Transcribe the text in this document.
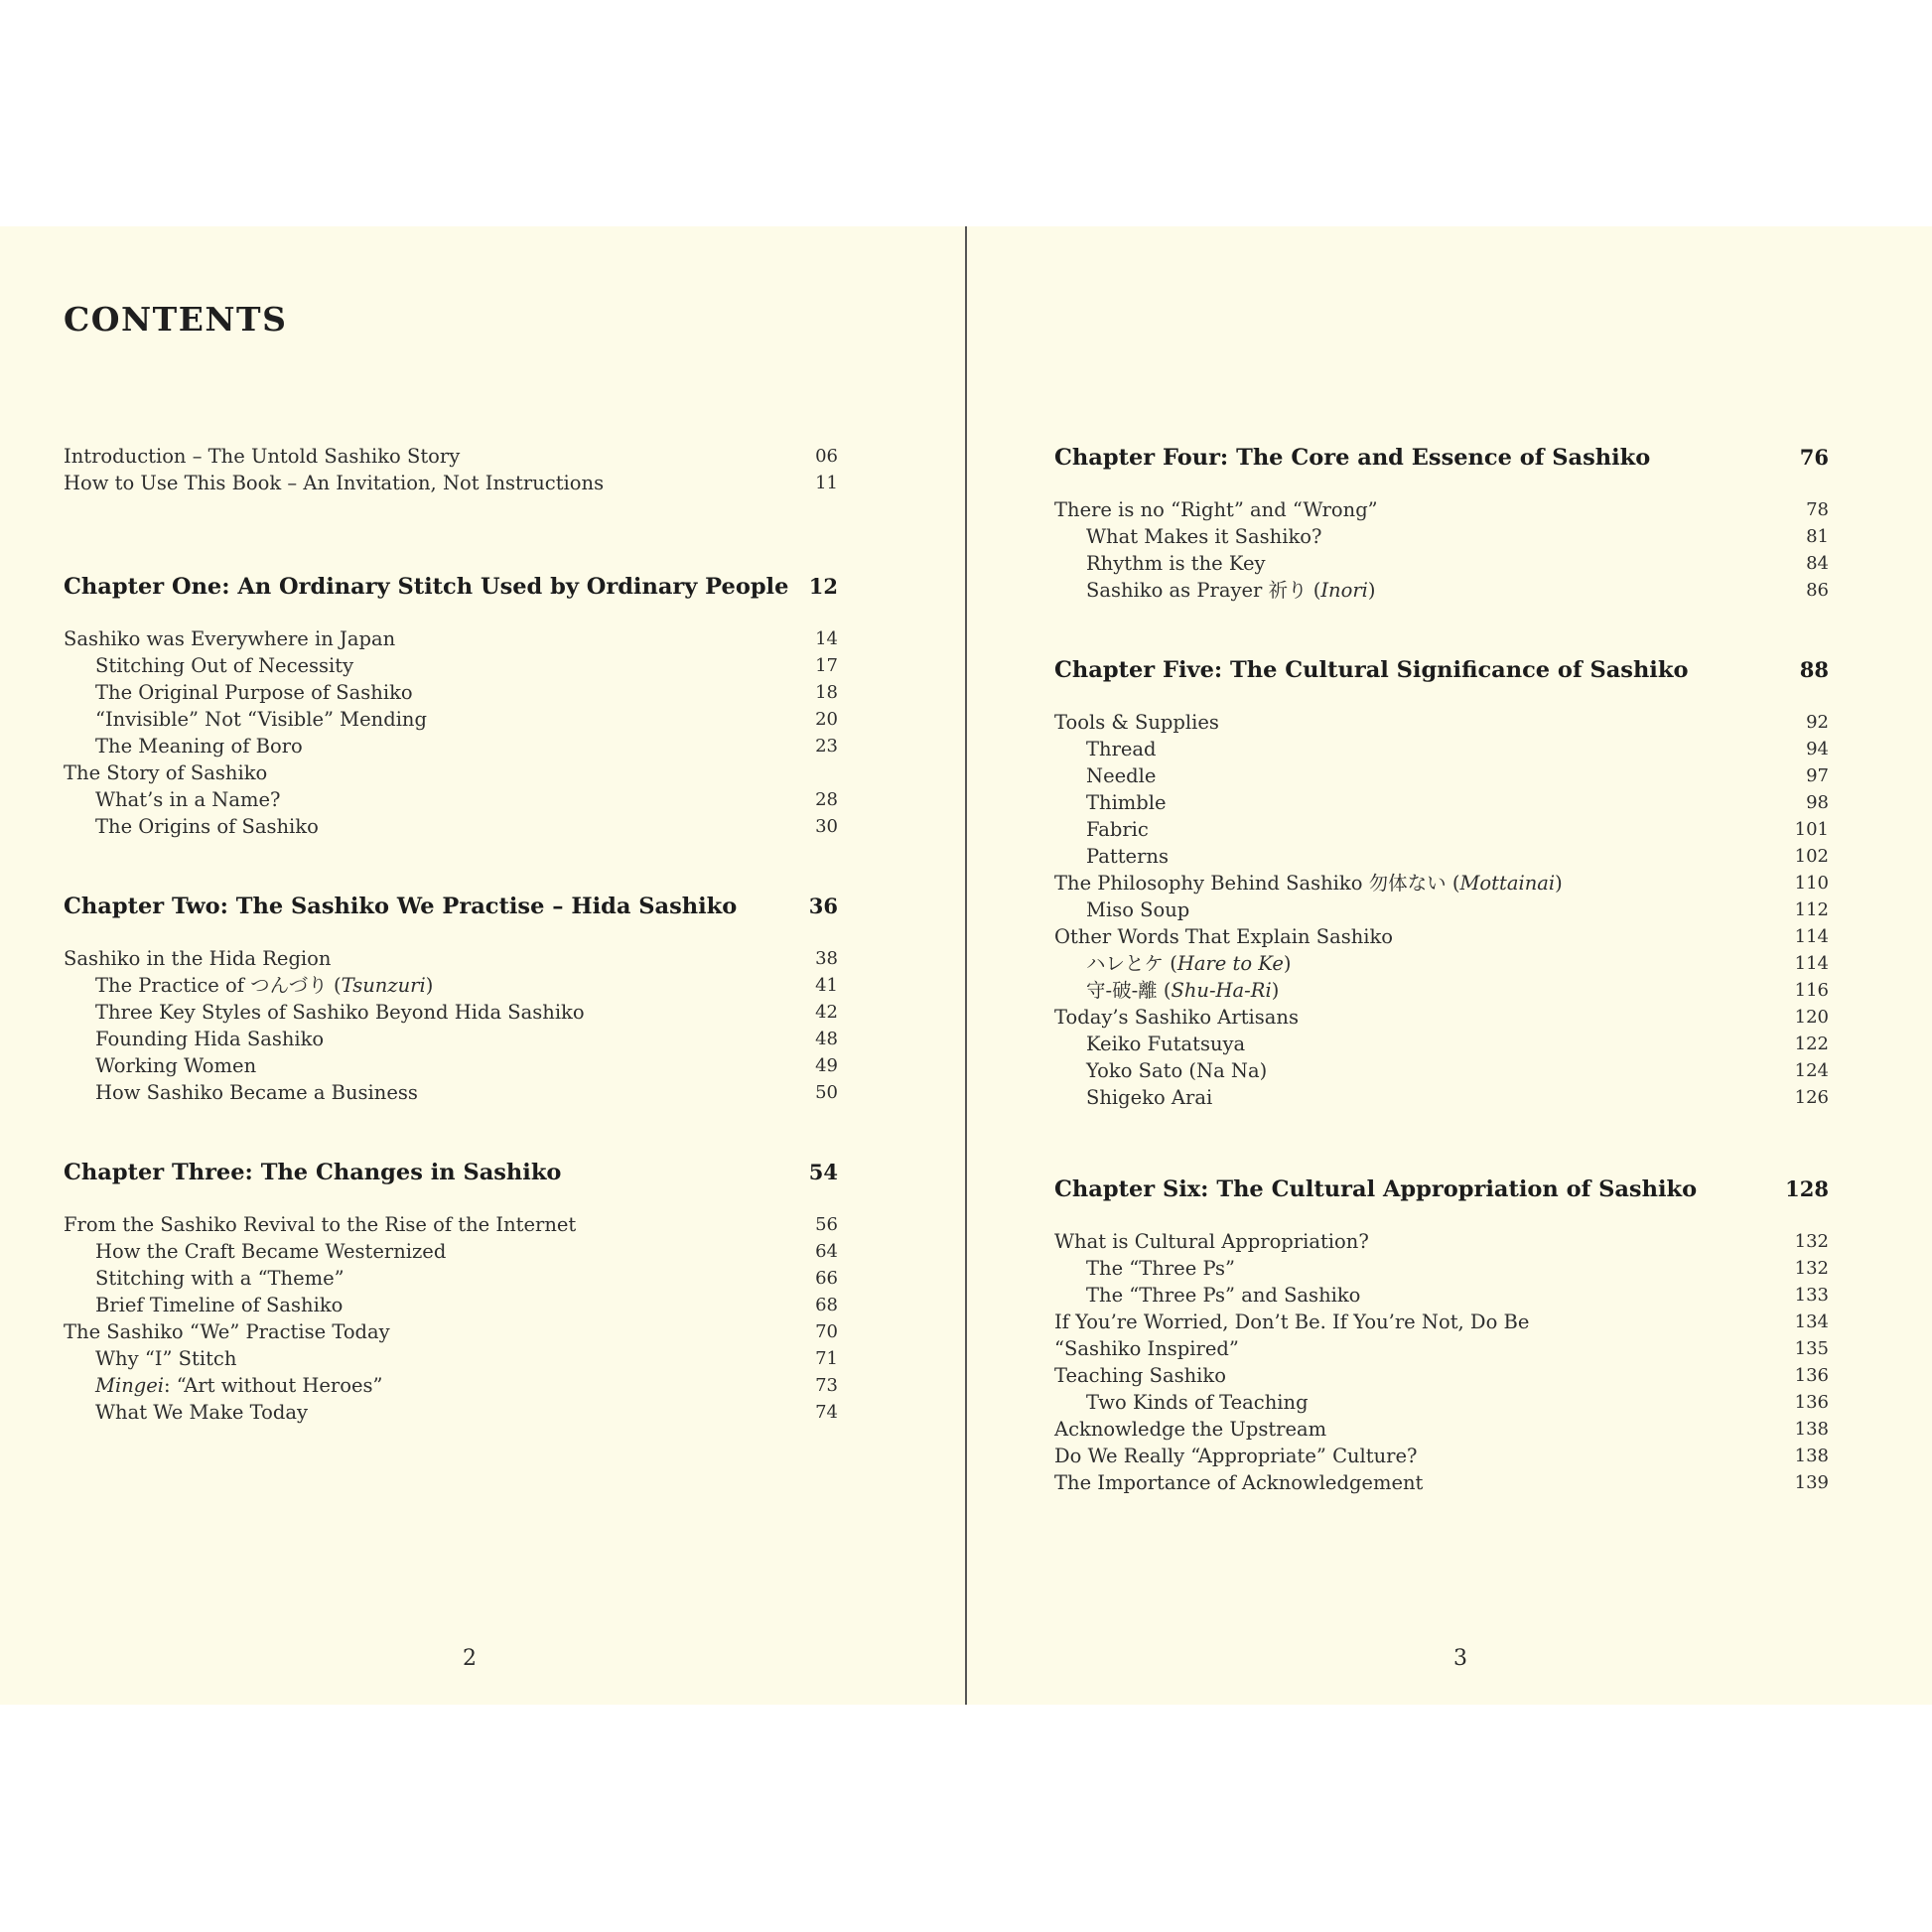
CONTENTS
Introduction – The Untold Sashiko Story	06
How to Use This Book – An Invitation, Not Instructions	11
Chapter One: An Ordinary Stitch Used by Ordinary People 12
Sashiko was Everywhere in Japan	14
Stitching Out of Necessity	17
The Original Purpose of Sashiko	18
“Invisible” Not “Visible” Mending	20
The Meaning of Boro	23
The Story of Sashiko
What’s in a Name?	28
The Origins of Sashiko	30
Chapter Two: The Sashiko We Practise – Hida Sashiko	36
Sashiko in the Hida Region	38
The Practice of つんづり (Tsunzuri)	41
Three Key Styles of Sashiko Beyond Hida Sashiko	42
Founding Hida Sashiko	48
Working Women	49
How Sashiko Became a Business	50
Chapter Three: The Changes in Sashiko	54
From the Sashiko Revival to the Rise of the Internet	56
How the Craft Became Westernized	64
Stitching with a “Theme”	66
Brief Timeline of Sashiko	68
The Sashiko “We” Practise Today	70
Why “I” Stitch	71
Mingei: “Art without Heroes”	73
What We Make Today	74
2
Chapter Four: The Core and Essence of Sashiko	76
There is no “Right” and “Wrong”	78
What Makes it Sashiko?	81
Rhythm is the Key	84
Sashiko as Prayer 祈り (Inori)	86
Chapter Five: The Cultural Significance of Sashiko	88
Tools & Supplies	92
Thread	94
Needle	97
Thimble	98
Fabric	101
Patterns	102
The Philosophy Behind Sashiko 勿体ない (Mottainai)	110
Miso Soup	112
Other Words That Explain Sashiko	114
ハレとケ (Hare to Ke)	114
守-破-離 (Shu-Ha-Ri)	116
Today’s Sashiko Artisans	120
Keiko Futatsuya	122
Yoko Sato (Na Na)	124
Shigeko Arai	126
Chapter Six: The Cultural Appropriation of Sashiko	128
What is Cultural Appropriation?	132
The “Three Ps”	132
The “Three Ps” and Sashiko	133
If You’re Worried, Don’t Be. If You’re Not, Do Be	134
“Sashiko Inspired”	135
Teaching Sashiko	136
Two Kinds of Teaching	136
Acknowledge the Upstream	138
Do We Really “Appropriate” Culture?	138
The Importance of Acknowledgement	139
3
